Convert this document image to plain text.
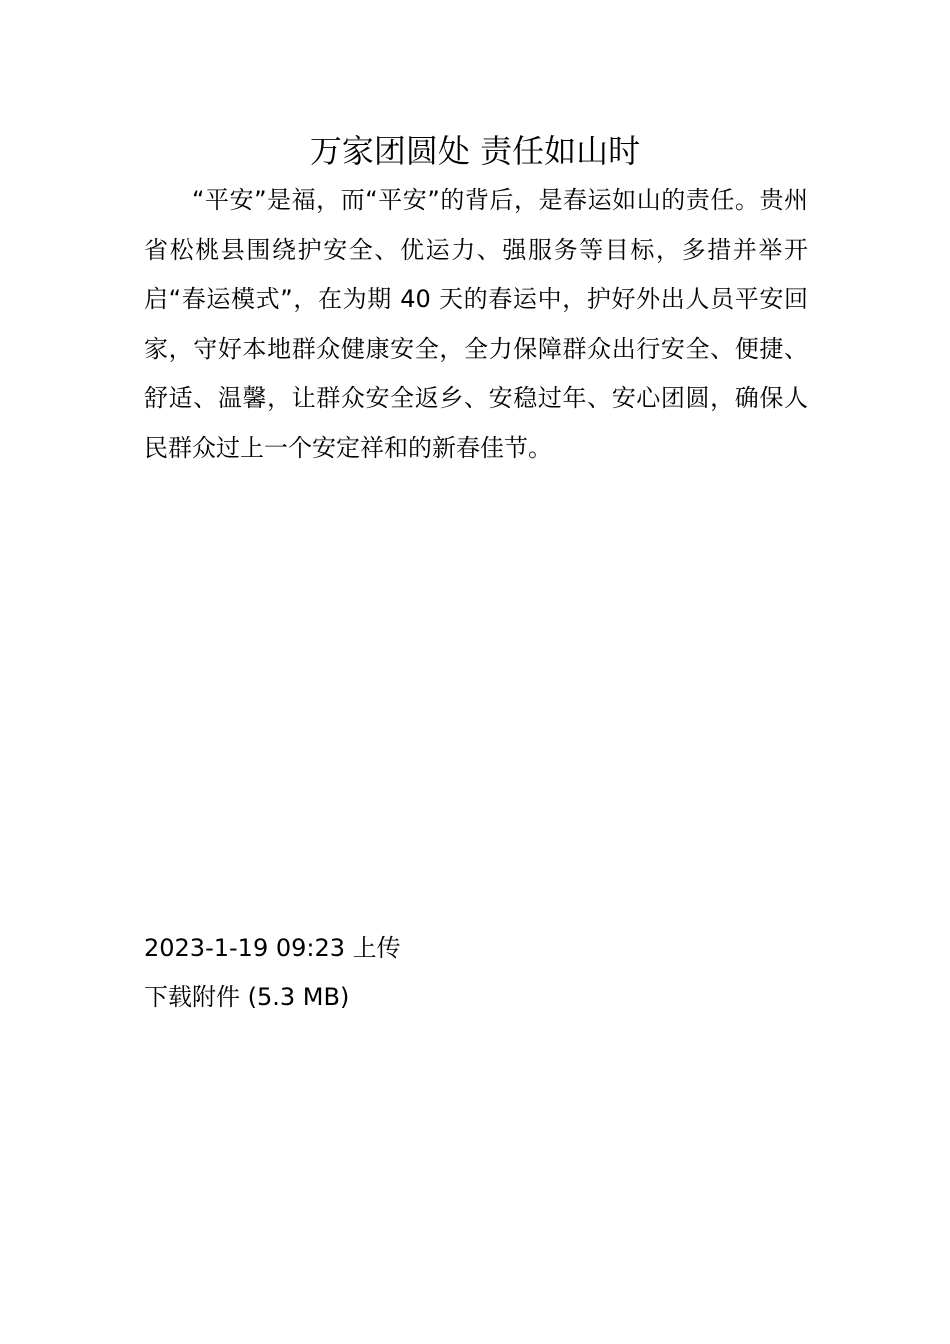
万家团圆处 责任如山时

“平安”是福，而“平安”的背后，是春运如山的责任。贵州省松桃县围绕护安全、优运力、强服务等目标，多措并举开启“春运模式”，在为期 40 天的春运中，护好外出人员平安回家，守好本地群众健康安全，全力保障群众出行安全、便捷、舒适、温馨，让群众安全返乡、安稳过年、安心团圆，确保人民群众过上一个安定祥和的新春佳节。

2023-1-19 09:23 上传

下载附件 (5.3 MB)
